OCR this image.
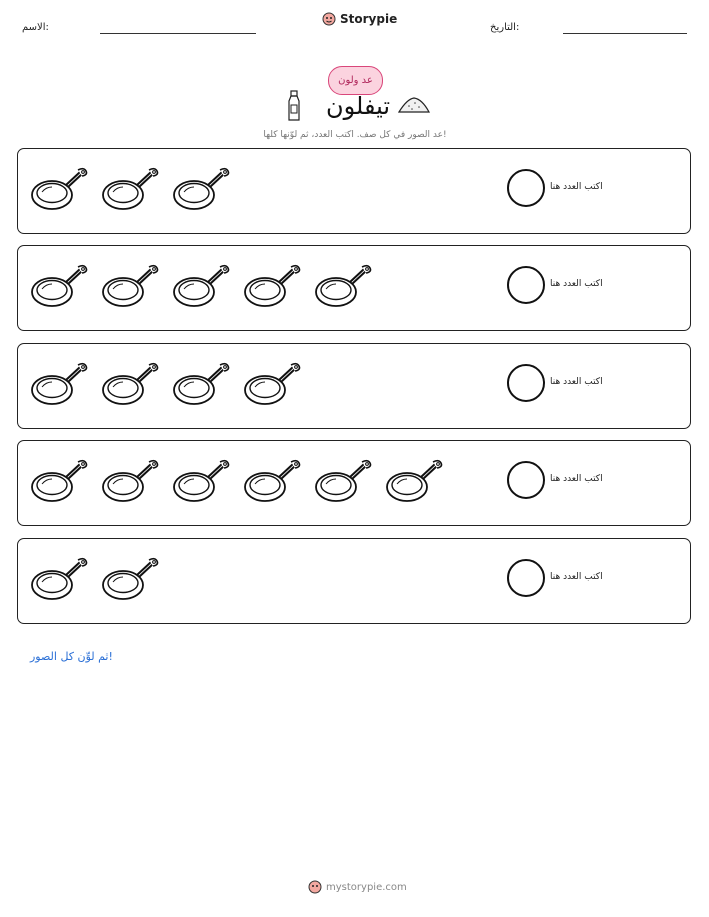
الاسم:
Storypie
التاريخ:
عد ولون
تيفلون
عد الصور في كل صف. اكتب العدد، ثم لوّنها كلها!
اكتب العدد هنا
اكتب العدد هنا
اكتب العدد هنا
اكتب العدد هنا
اكتب العدد هنا
ثم لوِّن كل الصور!
mystorypie.com
